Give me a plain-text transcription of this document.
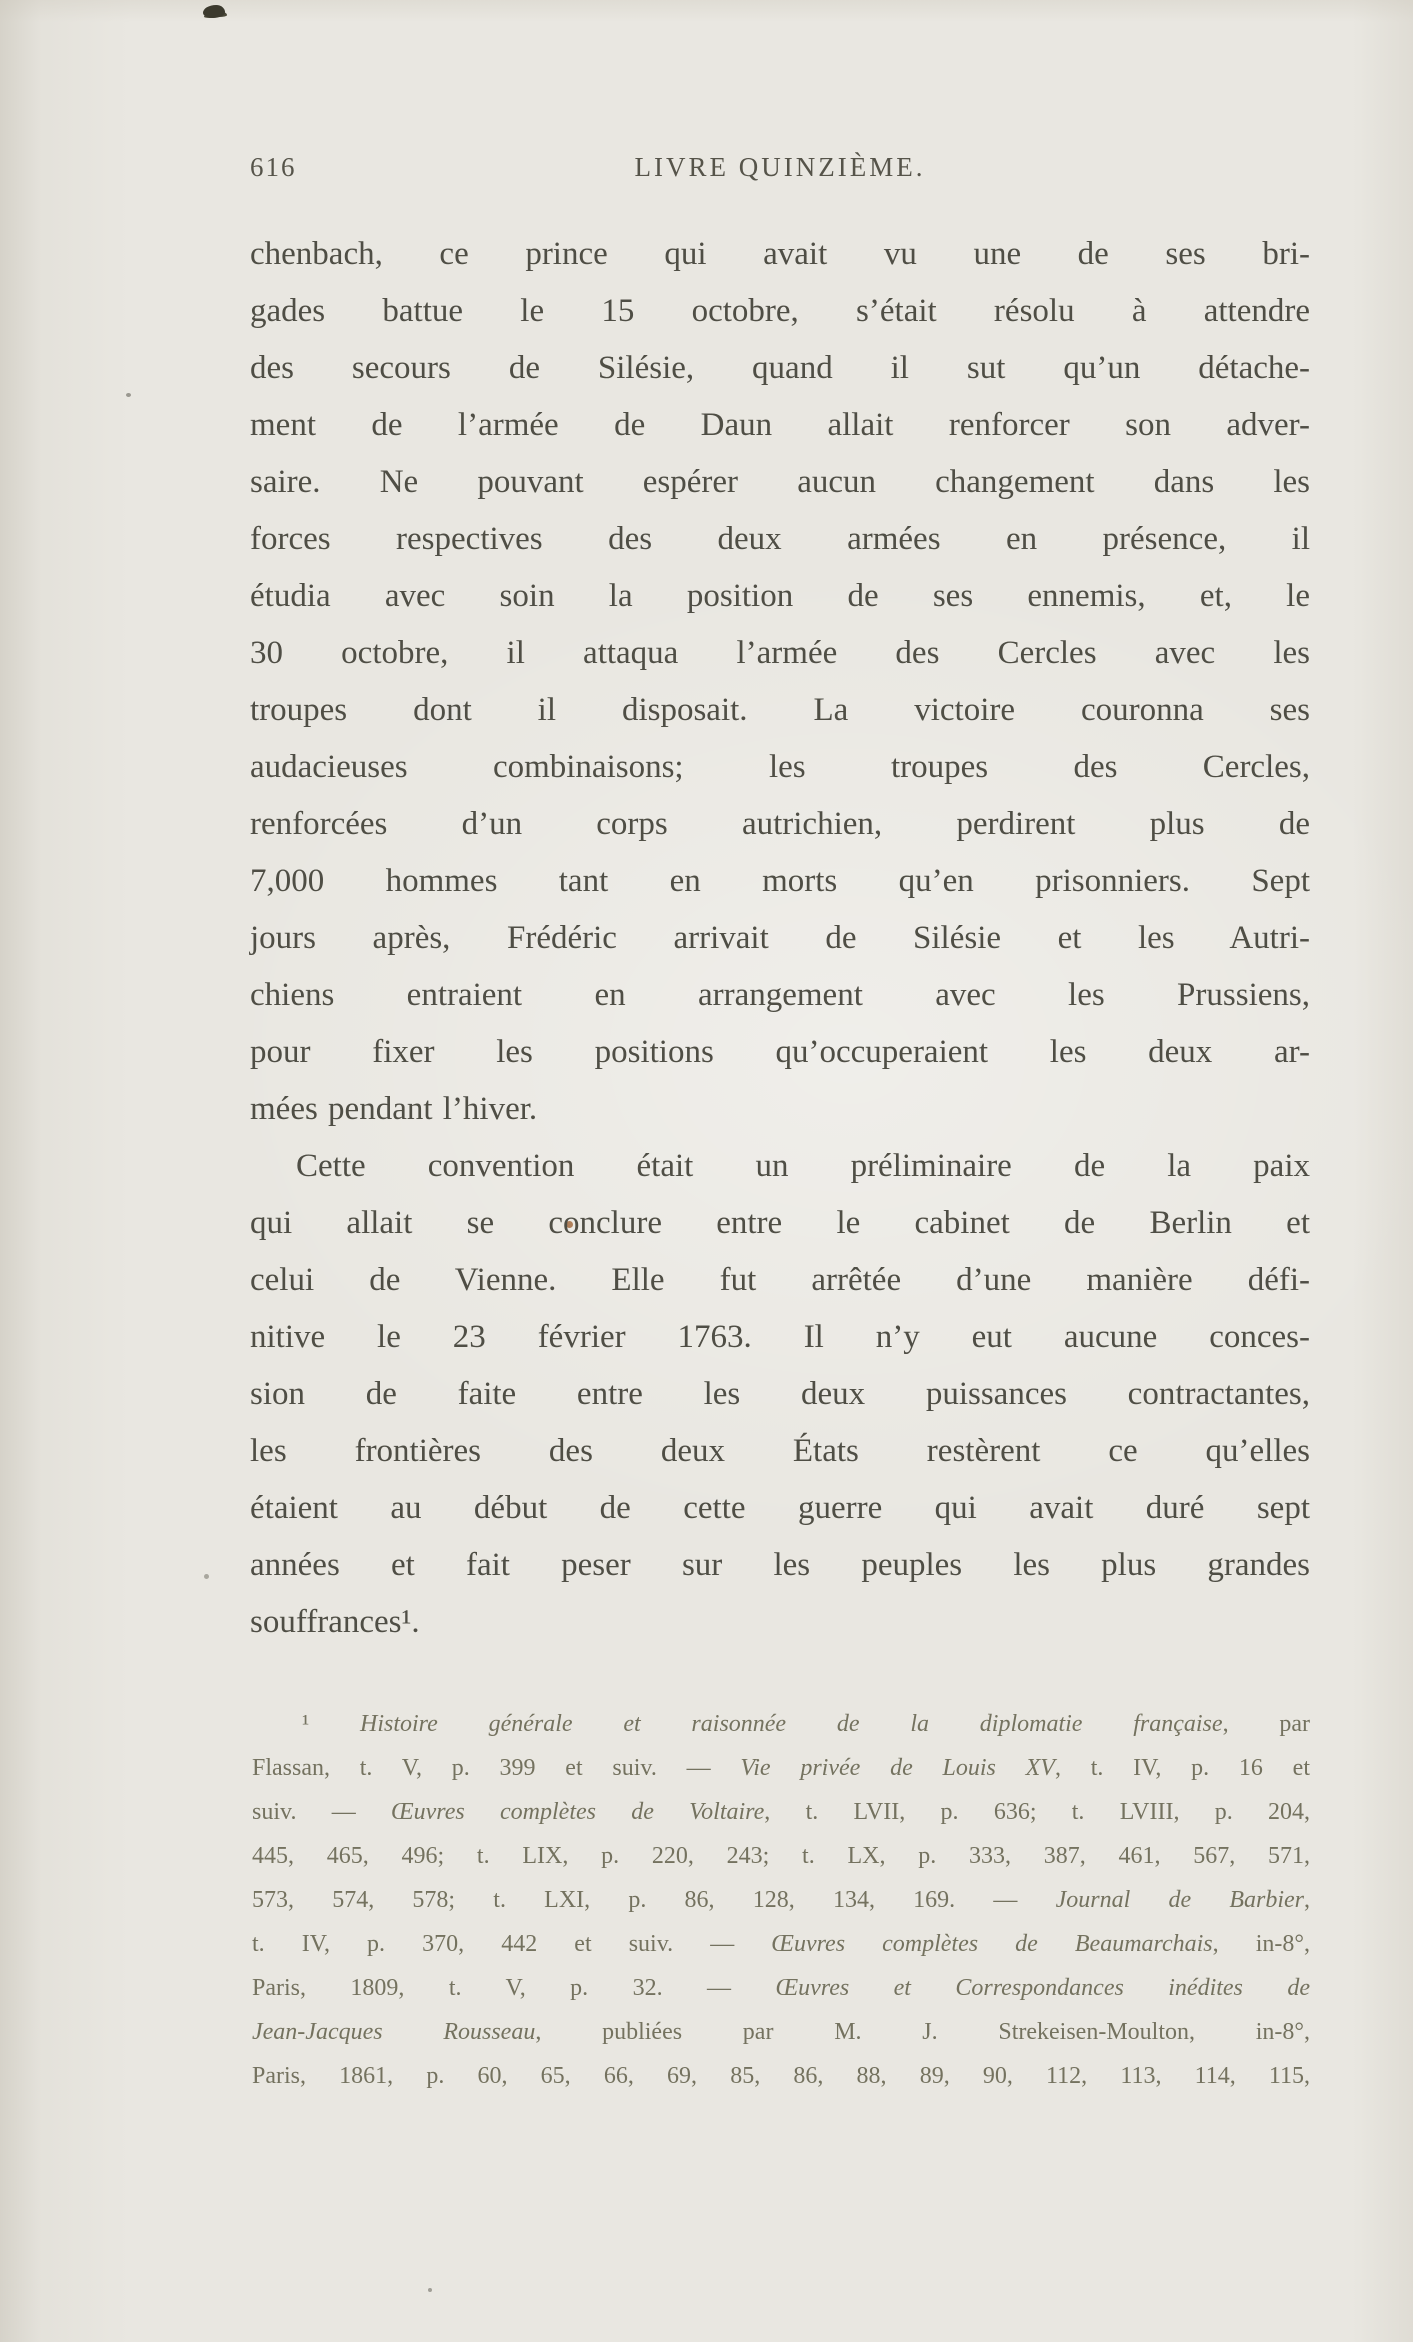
616	LIVRE QUINZIÈME.
chenbach, ce prince qui avait vu une de ses bri-
gades battue le 15 octobre, s’était résolu à attendre
des secours de Silésie, quand il sut qu’un détache-
ment de l’armée de Daun allait renforcer son adver-
saire. Ne pouvant espérer aucun changement dans les
forces respectives des deux armées en présence, il
étudia avec soin la position de ses ennemis, et, le
30 octobre, il attaqua l’armée des Cercles avec les
troupes dont il disposait. La victoire couronna ses
audacieuses combinaisons; les troupes des Cercles,
renforcées d’un corps autrichien, perdirent plus de
7,000 hommes tant en morts qu’en prisonniers. Sept
jours après, Frédéric arrivait de Silésie et les Autri-
chiens entraient en arrangement avec les Prussiens,
pour fixer les positions qu’occuperaient les deux ar-
mées pendant l’hiver.
Cette convention était un préliminaire de la paix
qui allait se conclure entre le cabinet de Berlin et
celui de Vienne. Elle fut arrêtée d’une manière défi-
nitive le 23 février 1763. Il n’y eut aucune conces-
sion de faite entre les deux puissances contractantes,
les frontières des deux États restèrent ce qu’elles
étaient au début de cette guerre qui avait duré sept
années et fait peser sur les peuples les plus grandes
souffrances¹.
¹ Histoire générale et raisonnée de la diplomatie française, par
Flassan, t. V, p. 399 et suiv. — Vie privée de Louis XV, t. IV, p. 16 et
suiv. — Œuvres complètes de Voltaire, t. LVII, p. 636; t. LVIII, p. 204,
445, 465, 496; t. LIX, p. 220, 243; t. LX, p. 333, 387, 461, 567, 571,
573, 574, 578; t. LXI, p. 86, 128, 134, 169. — Journal de Barbier,
t. IV, p. 370, 442 et suiv. — Œuvres complètes de Beaumarchais, in-8°,
Paris, 1809, t. V, p. 32. — Œuvres et Correspondances inédites de
Jean-Jacques Rousseau, publiées par M. J. Strekeisen-Moulton, in-8°,
Paris, 1861, p. 60, 65, 66, 69, 85, 86, 88, 89, 90, 112, 113, 114, 115,
